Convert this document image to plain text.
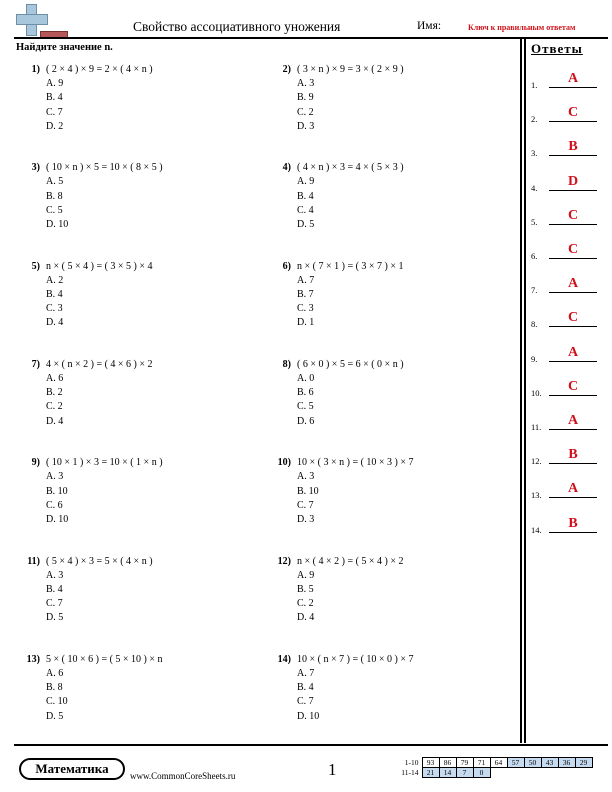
Свойство ассоциативного уножения	Имя:	Ключ к правильным ответам
Найдите значение n.
1) ( 2 × 4 ) × 9 = 2 × ( 4 × n )
A. 9
B. 4
C. 7
D. 2
2) ( 3 × n ) × 9 = 3 × ( 2 × 9 )
A. 3
B. 9
C. 2
D. 3
3) ( 10 × n ) × 5 = 10 × ( 8 × 5 )
A. 5
B. 8
C. 5
D. 10
4) ( 4 × n ) × 3 = 4 × ( 5 × 3 )
A. 9
B. 4
C. 4
D. 5
5) n × ( 5 × 4 ) = ( 3 × 5 ) × 4
A. 2
B. 4
C. 3
D. 4
6) n × ( 7 × 1 ) = ( 3 × 7 ) × 1
A. 7
B. 7
C. 3
D. 1
7) 4 × ( n × 2 ) = ( 4 × 6 ) × 2
A. 6
B. 2
C. 2
D. 4
8) ( 6 × 0 ) × 5 = 6 × ( 0 × n )
A. 0
B. 6
C. 5
D. 6
9) ( 10 × 1 ) × 3 = 10 × ( 1 × n )
A. 3
B. 10
C. 6
D. 10
10) 10 × ( 3 × n ) = ( 10 × 3 ) × 7
A. 3
B. 10
C. 7
D. 3
11) ( 5 × 4 ) × 3 = 5 × ( 4 × n )
A. 3
B. 4
C. 7
D. 5
12) n × ( 4 × 2 ) = ( 5 × 4 ) × 2
A. 9
B. 5
C. 2
D. 4
13) 5 × ( 10 × 6 ) = ( 5 × 10 ) × n
A. 6
B. 8
C. 10
D. 5
14) 10 × ( n × 7 ) = ( 10 × 0 ) × 7
A. 7
B. 4
C. 7
D. 10
Ответы
1.	A
2.	C
3.	B
4.	D
5.	C
6.	C
7.	A
8.	C
9.	A
10.	C
11.	A
12.	B
13.	A
14.	B
Математика	www.CommonCoreSheets.ru	1	1-10	93	86	79	71	64	57	50	43	36	29
11-14	21	14	7	0						
